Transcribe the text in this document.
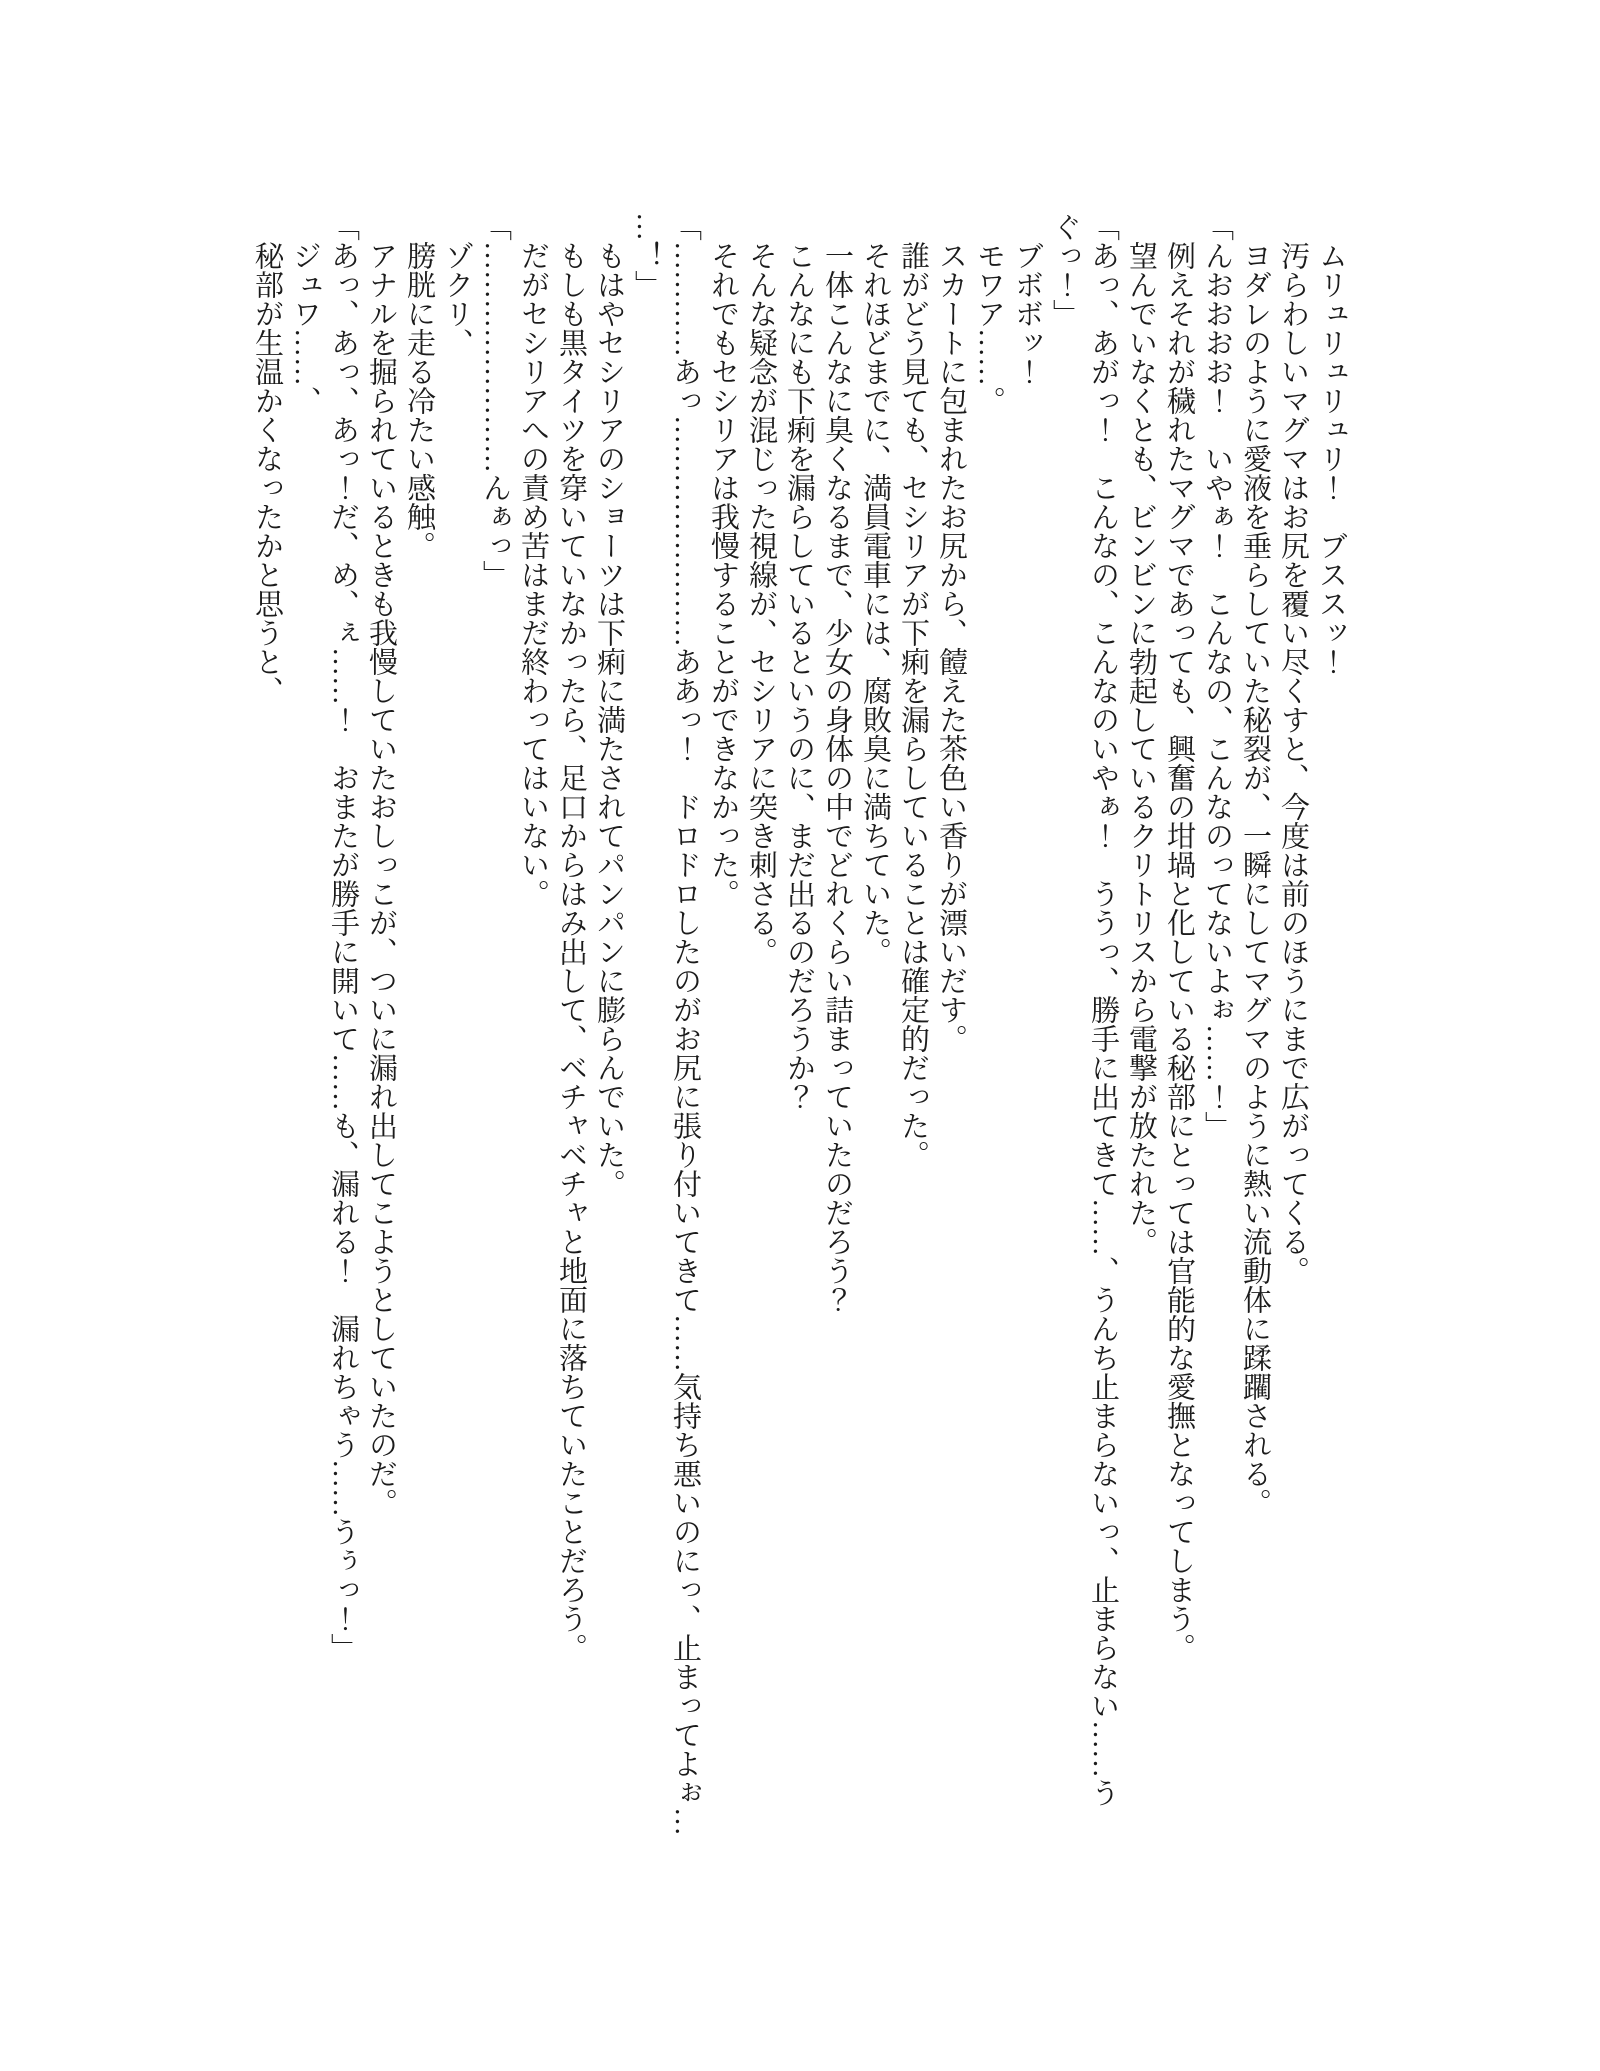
　ムリュリュリュリ！　ブススッ！
　汚らわしいマグマはお尻を覆い尽くすと、今度は前のほうにまで広がってくる。
　ヨダレのように愛液を垂らしていた秘裂が、一瞬にしてマグマのように熱い流動体に蹂躙される。
「んおおおお！　いやぁ！　こんなの、こんなのってないよぉ……！」
　例えそれが穢れたマグマであっても、興奮の坩堝と化している秘部にとっては官能的な愛撫となってしまう。
　望んでいなくとも、ビンビンに勃起しているクリトリスから電撃が放たれた。
「あっ、あがっ！　こんなの、こんなのいやぁ！　ううっ、勝手に出てきて……、うんち止まらないっ、止まらない……う
ぐっ！」
　ブボボッ！
　モワア……。
　スカートに包まれたお尻から、饐えた茶色い香りが漂いだす。
　誰がどう見ても、セシリアが下痢を漏らしていることは確定的だった。
　それほどまでに、満員電車には、腐敗臭に満ちていた。
　一体こんなに臭くなるまで、少女の身体の中でどれくらい詰まっていたのだろう？
　こんなにも下痢を漏らしているというのに、まだ出るのだろうか？
　そんな疑念が混じった視線が、セシリアに突き刺さる。
　それでもセシリアは我慢することができなかった。
「…………あっ……………………ああっ！　ドロドロしたのがお尻に張り付いてきて……気持ち悪いのにっ、止まってよぉ…
…！」
　もはやセシリアのショーツは下痢に満たされてパンパンに膨らんでいた。
　もしも黒タイツを穿いていなかったら、足口からはみ出して、ベチャベチャと地面に落ちていたことだろう。
　だがセシリアへの責め苦はまだ終わってはいない。
「……………………んぁっ」
　ゾクリ、
　膀胱に走る冷たい感触。
　アナルを掘られているときも我慢していたおしっこが、ついに漏れ出してこようとしていたのだ。
「あっ、あっ、あっ！だ、め、ぇ……！　おまたが勝手に開いて……も、漏れる！　漏れちゃう……うぅっ！」
　ジュワ……、
　秘部が生温かくなったかと思うと、
